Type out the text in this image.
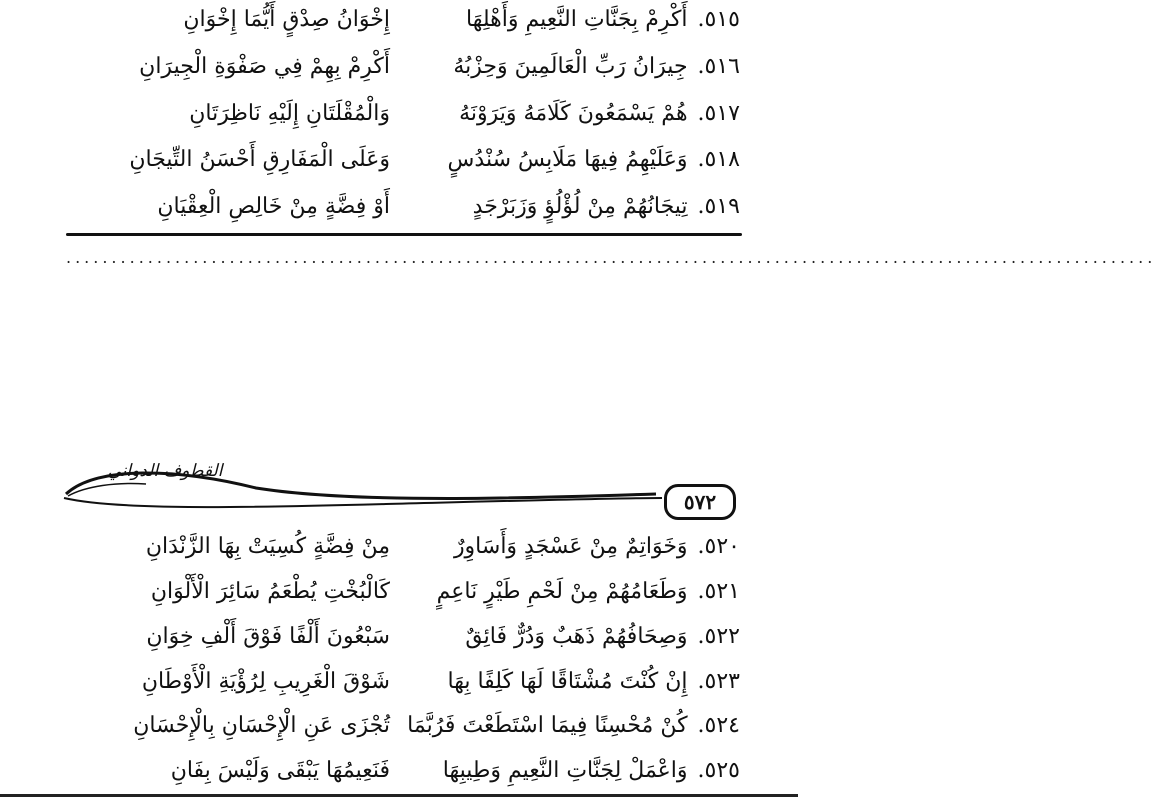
٥١٥.أَكْرِمْ بِجَنَّاتِ النَّعِيمِ وَأَهْلِهَا
إِخْوَانُ صِدْقٍ أَيُّمَا إِخْوَانِ
٥١٦.جِيرَانُ رَبِّ الْعَالَمِينَ وَحِزْبُهُ
أَكْرِمْ بِهِمْ فِي صَفْوَةِ الْجِيرَانِ
٥١٧.هُمْ يَسْمَعُونَ كَلَامَهُ وَيَرَوْنَهُ
وَالْمُقْلَتَانِ إِلَيْهِ نَاظِرَتَانِ
٥١٨.وَعَلَيْهِمُ فِيهَا مَلَابِسُ سُنْدُسٍ
وَعَلَى الْمَفَارِقِ أَحْسَنُ التِّيجَانِ
٥١٩.تِيجَانُهُمْ مِنْ لُؤْلُؤٍ وَزَبَرْجَدٍ
أَوْ فِضَّةٍ مِنْ خَالِصِ الْعِقْيَانِ
........................................................................................................................
القطوف الدواني
٥٧٢
٥٢٠.وَخَوَاتِمٌ مِنْ عَسْجَدٍ وَأَسَاوِرٌ
مِنْ فِضَّةٍ كُسِيَتْ بِهَا الزَّنْدَانِ
٥٢١.وَطَعَامُهُمْ مِنْ لَحْمِ طَيْرٍ نَاعِمٍ
كَالْبُخْتِ يُطْعَمُ سَائِرَ الْأَلْوَانِ
٥٢٢.وَصِحَافُهُمْ ذَهَبٌ وَدُرٌّ فَائِقٌ
سَبْعُونَ أَلْفًا فَوْقَ أَلْفِ خِوَانِ
٥٢٣.إِنْ كُنْتَ مُشْتَاقًا لَهَا كَلِفًا بِهَا
شَوْقَ الْغَرِيبِ لِرُؤْيَةِ الْأَوْطَانِ
٥٢٤.كُنْ مُحْسِنًا فِيمَا اسْتَطَعْتَ فَرُبَّمَا
تُجْزَى عَنِ الْإِحْسَانِ بِالْإِحْسَانِ
٥٢٥.وَاعْمَلْ لِجَنَّاتِ النَّعِيمِ وَطِيبِهَا
فَنَعِيمُهَا يَبْقَى وَلَيْسَ بِفَانِ
